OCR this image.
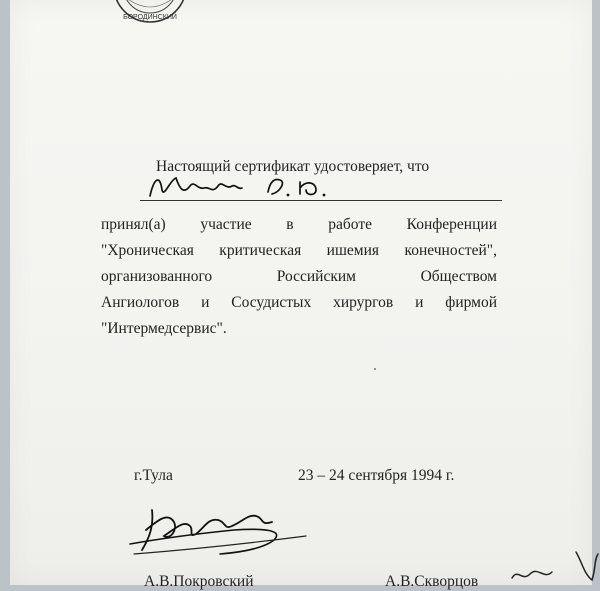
БОРОДИНСКИЙ
Настоящий сертификат удостоверяет, что
принял(а) участие в работе Конференции
"Хроническая критическая ишемия конечностей",
организованного Российским Обществом
Ангиологов и Сосудистых хирургов и фирмой
"Интермедсервис".
г.Тула	23 – 24 сентября 1994 г.
А.В.Покровский	А.В.Скворцов
